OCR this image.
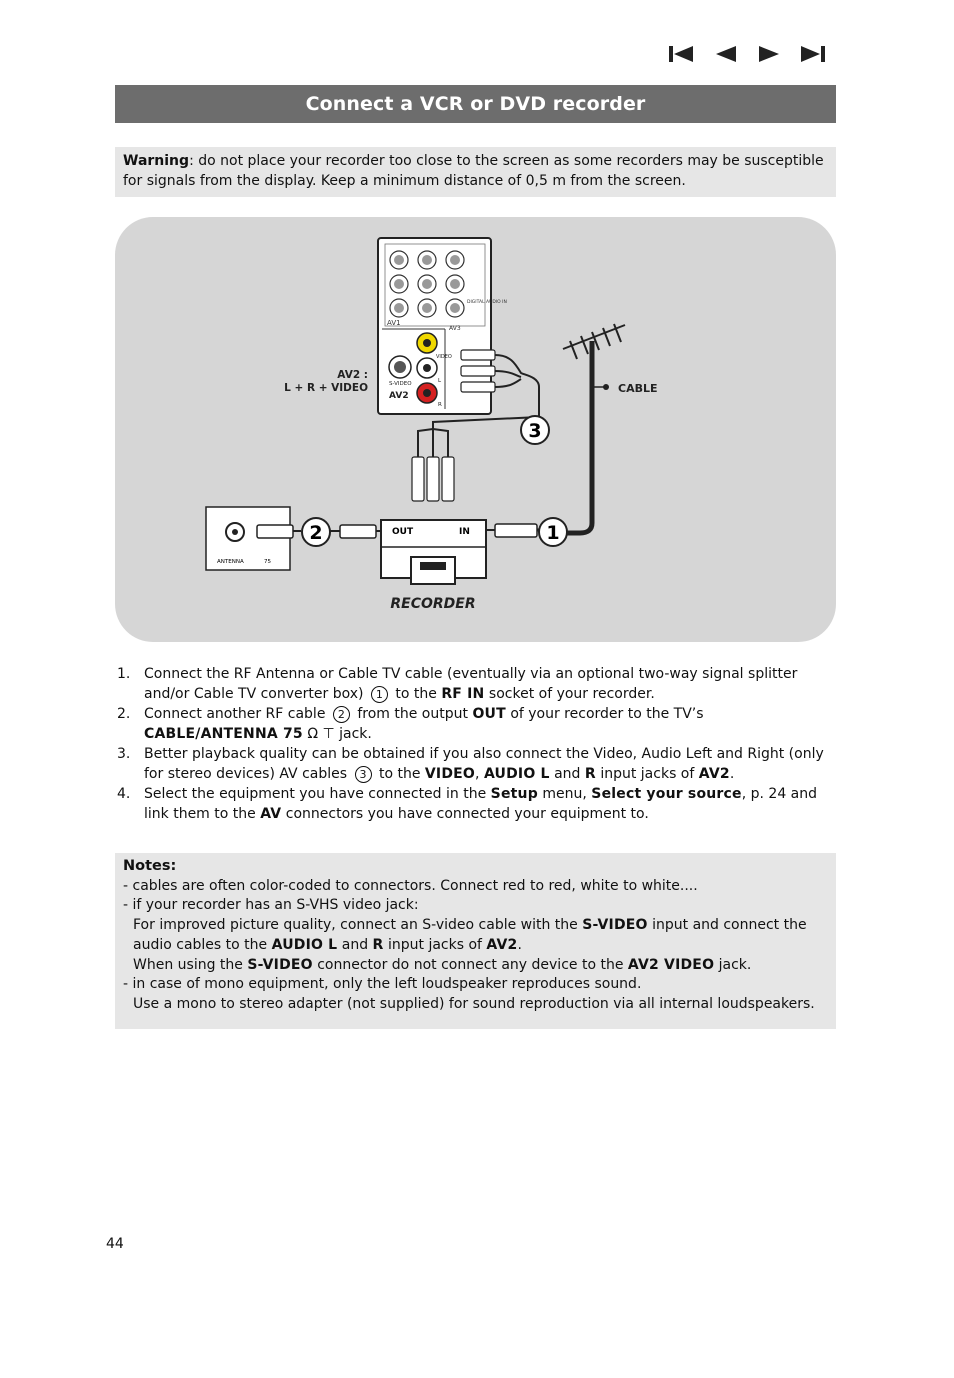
Connect a VCR or DVD recorder
Warning: do not place your recorder too close to the screen as some recorders may be susceptible for signals from the display. Keep a minimum distance of 0,5 m from the screen.
AV1
AV3
DIGITAL AUDIO IN
S-VIDEO
VIDEO
L
R
AV2
3
CABLE
AV2 :
L + R + VIDEO
OUT	IN
RECORDER
1
ANTENNA	75
2

1. Connect the RF Antenna or Cable TV cable (eventually via an optional two-way signal splitter and/or Cable TV converter box) 1 to the RF IN socket of your recorder.

2. Connect another RF cable 2 from the output OUT of your recorder to the TV’s CABLE/ANTENNA 75 Ω ⊤ jack.

3. Better playback quality can be obtained if you also connect the Video, Audio Left and Right (only for stereo devices) AV cables 3 to the VIDEO, AUDIO L and R input jacks of AV2.

4. Select the equipment you have connected in the Setup menu, Select your source, p. 24 and link them to the AV connectors you have connected your equipment to.

Notes:
- cables are often color-coded to connectors. Connect red to red, white to white....
- if your recorder has an S-VHS video jack:
For improved picture quality, connect an S-video cable with the S-VIDEO input and connect the audio cables to the AUDIO L and R input jacks of AV2.
When using the S-VIDEO connector do not connect any device to the AV2 VIDEO jack.
- in case of mono equipment, only the left loudspeaker reproduces sound.
Use a mono to stereo adapter (not supplied) for sound reproduction via all internal loudspeakers.
44
